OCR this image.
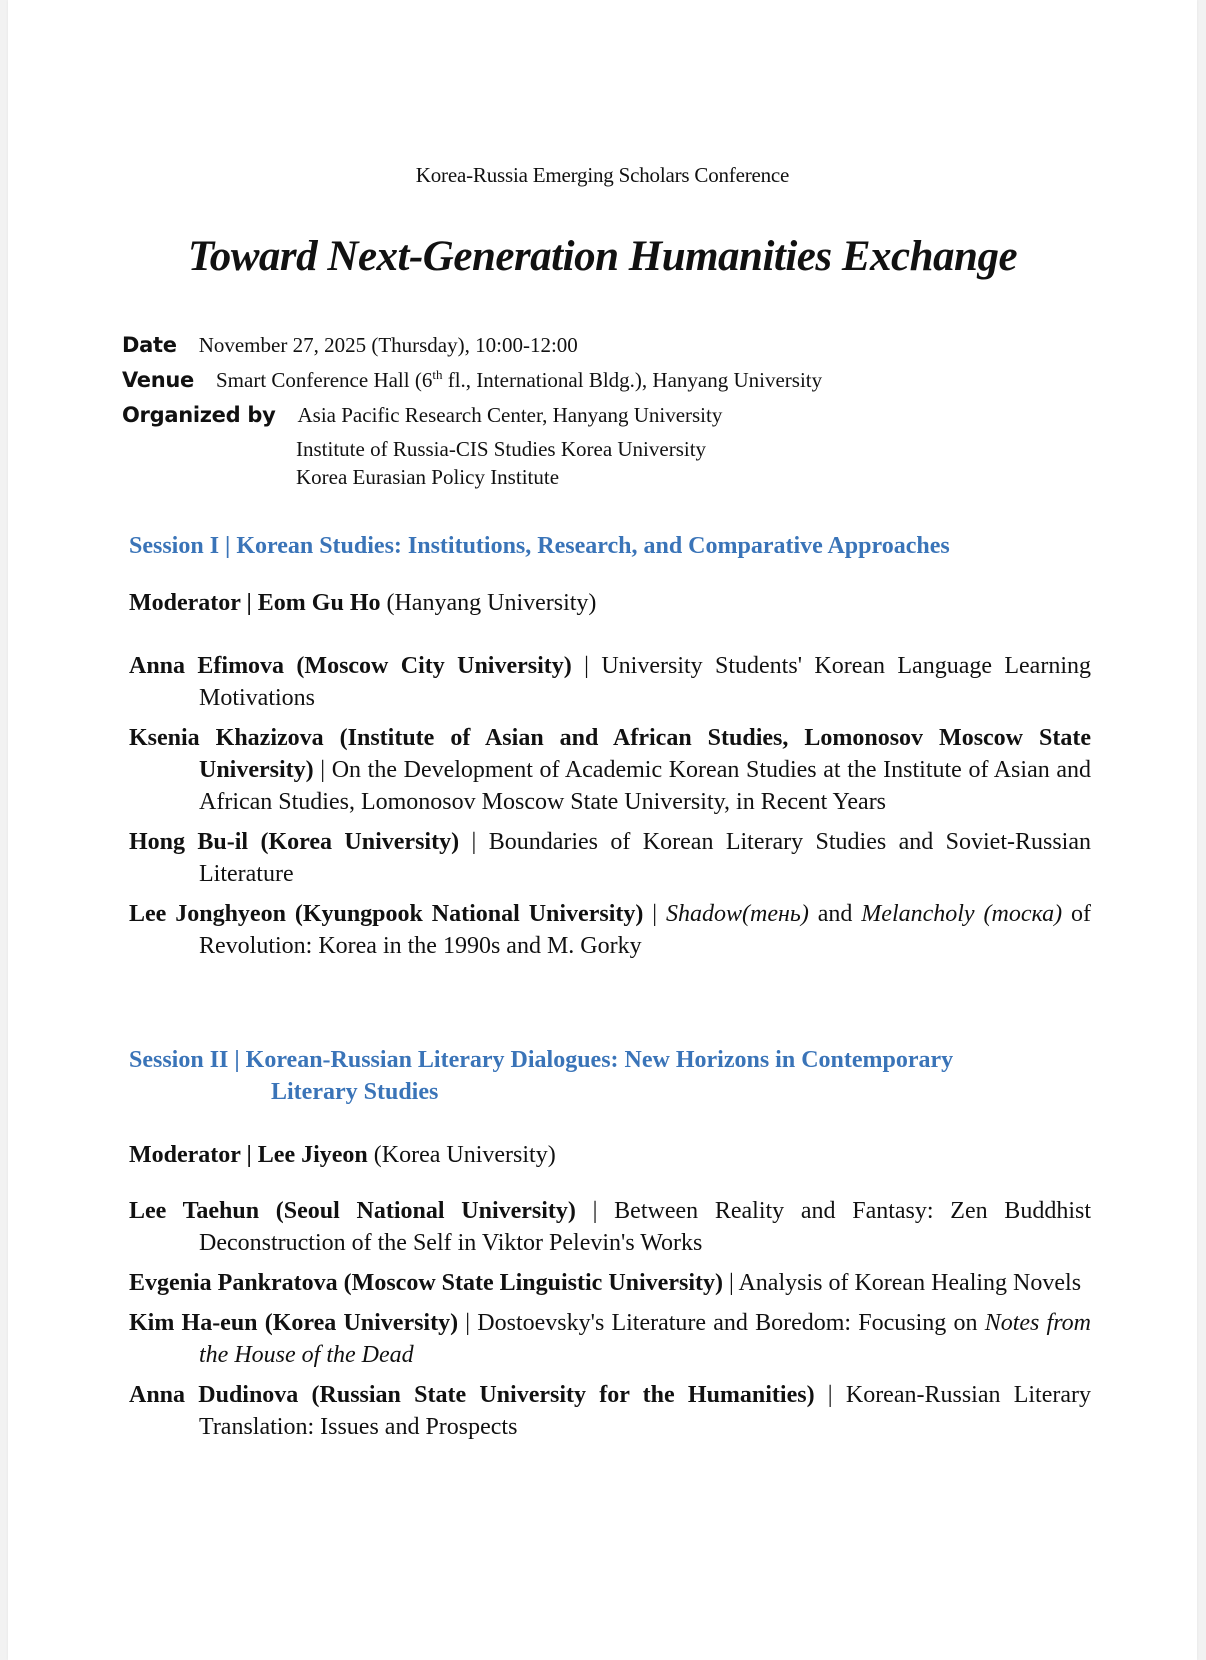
Korea-Russia Emerging Scholars Conference
Toward Next-Generation Humanities Exchange
Date November 27, 2025 (Thursday), 10:00-12:00
Venue Smart Conference Hall (6th fl., International Bldg.), Hanyang University
Organized by Asia Pacific Research Center, Hanyang University
Institute of Russia-CIS Studies Korea University
Korea Eurasian Policy Institute
Session I | Korean Studies: Institutions, Research, and Comparative Approaches
Moderator | Eom Gu Ho (Hanyang University)

Anna Efimova (Moscow City University) | University Students' Korean Language Learning Motivations

Ksenia Khazizova (Institute of Asian and African Studies, Lomonosov Moscow State University) | On the Development of Academic Korean Studies at the Institute of Asian and African Studies, Lomonosov Moscow State University, in Recent Years

Hong Bu-il (Korea University) | Boundaries of Korean Literary Studies and Soviet-Russian Literature

Lee Jonghyeon (Kyungpook National University) | Shadow(тень) and Melancholy (тоска) of Revolution: Korea in the 1990s and M. Gorky

Session II | Korean-Russian Literary Dialogues: New Horizons in Contemporary
Literary Studies
Moderator | Lee Jiyeon (Korea University)

Lee Taehun (Seoul National University) | Between Reality and Fantasy: Zen Buddhist Deconstruction of the Self in Viktor Pelevin's Works

Evgenia Pankratova (Moscow State Linguistic University) | Analysis of Korean Healing Novels

Kim Ha-eun (Korea University) | Dostoevsky's Literature and Boredom: Focusing on Notes from the House of the Dead

Anna Dudinova (Russian State University for the Humanities) | Korean-Russian Literary Translation: Issues and Prospects
